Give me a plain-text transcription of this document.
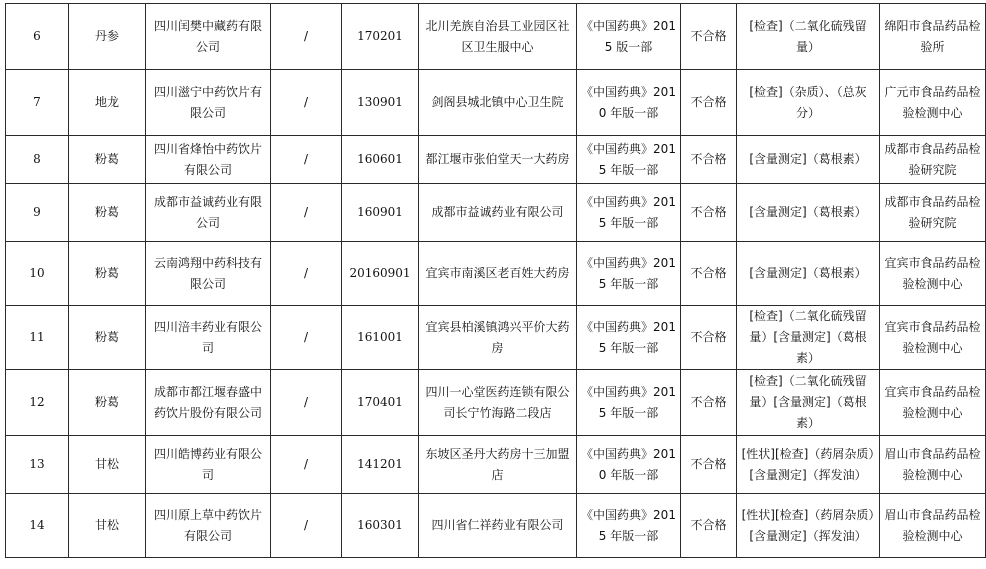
6	丹参	四川闰樊中藏药有限公司	/	170201	北川羌族自治县工业园区社区卫生服中心	《中国药典》2015 版一部	不合格	[检查]（二氧化硫残留量）	绵阳市食品药品检验所
7	地龙	四川滋宁中药饮片有限公司	/	130901	剑阁县城北镇中心卫生院	《中国药典》2010 年版一部	不合格	[检查]（杂质）、（总灰分）	广元市食品药品检验检测中心
8	粉葛	四川省烽怡中药饮片有限公司	/	160601	都江堰市张伯堂天一大药房	《中国药典》2015 年版一部	不合格	[含量测定]（葛根素）	成都市食品药品检验研究院
9	粉葛	成都市益诚药业有限公司	/	160901	成都市益诚药业有限公司	《中国药典》2015 年版一部	不合格	[含量测定]（葛根素）	成都市食品药品检验研究院
10	粉葛	云南鸿翔中药科技有限公司	/	20160901	宜宾市南溪区老百姓大药房	《中国药典》2015 年版一部	不合格	[含量测定]（葛根素）	宜宾市食品药品检验检测中心
11	粉葛	四川涪丰药业有限公司	/	161001	宜宾县柏溪镇鸿兴平价大药房	《中国药典》2015 年版一部	不合格	[检查]（二氧化硫残留量）[含量测定]（葛根素）	宜宾市食品药品检验检测中心
12	粉葛	成都市都江堰春盛中药饮片股份有限公司	/	170401	四川一心堂医药连锁有限公司长宁竹海路二段店	《中国药典》2015 年版一部	不合格	[检查]（二氧化硫残留量）[含量测定]（葛根素）	宜宾市食品药品检验检测中心
13	甘松	四川皓博药业有限公司	/	141201	东坡区圣丹大药房十三加盟店	《中国药典》2010 年版一部	不合格	[性状][检查]（药屑杂质）[含量测定]（挥发油）	眉山市食品药品检验检测中心
14	甘松	四川原上草中药饮片有限公司	/	160301	四川省仁祥药业有限公司	《中国药典》2015 年版一部	不合格	[性状][检查]（药屑杂质）[含量测定]（挥发油）	眉山市食品药品检验检测中心
